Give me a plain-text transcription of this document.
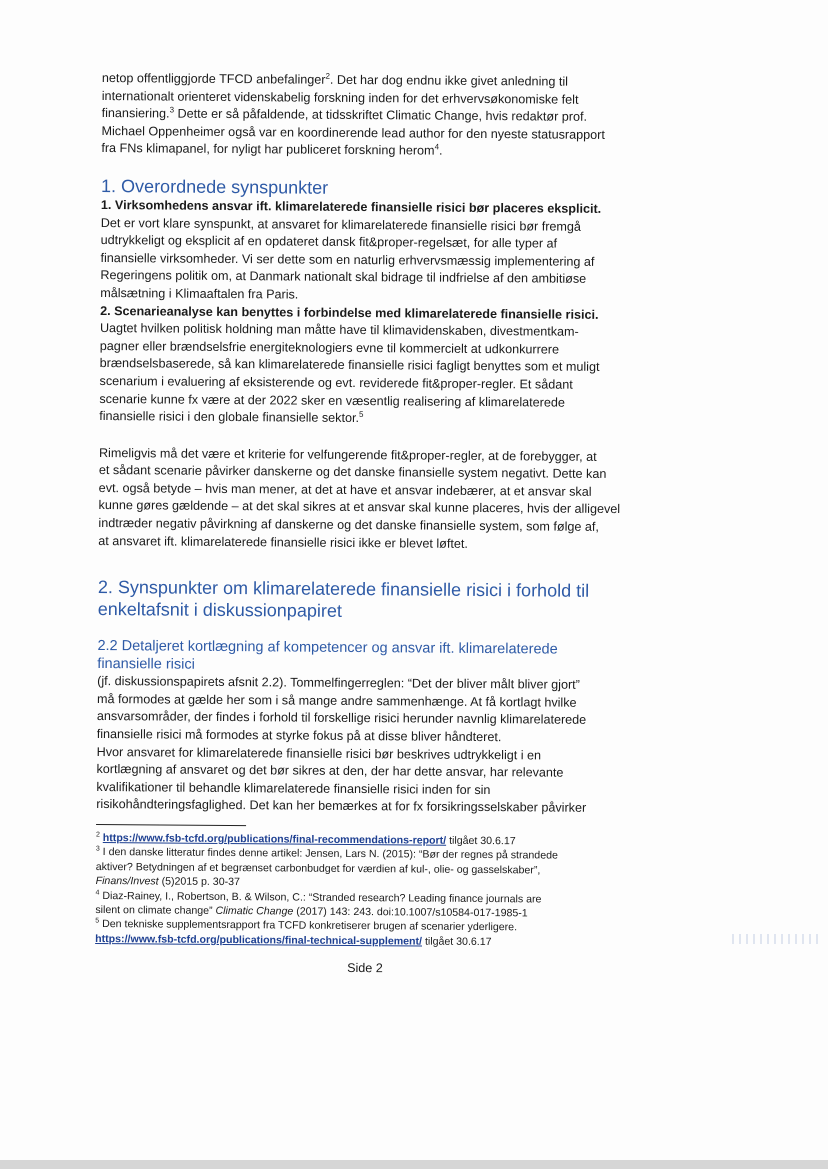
netop offentliggjorde TFCD anbefalinger$^2$. Det har dog endnu ikke givet anledning til

internationalt orienteret videnskabelig forskning inden for det erhvervsøkonomiske felt

finansiering.$^3$ Dette er så påfaldende, at tidsskriftet Climatic Change, hvis redaktør prof.

Michael Oppenheimer også var en koordinerende lead author for den nyeste statusrapport

fra FNs klimapanel, for nyligt har publiceret forskning herom$^4$.

1. Overordnede synspunkter

1. Virksomhedens ansvar ift. klimarelaterede finansielle risici bør placeres eksplicit.

Det er vort klare synspunkt, at ansvaret for klimarelaterede finansielle risici bør fremgå

udtrykkeligt og eksplicit af en opdateret dansk fit&proper-regelsæt, for alle typer af

finansielle virksomheder. Vi ser dette som en naturlig erhvervsmæssig implementering af

Regeringens politik om, at Danmark nationalt skal bidrage til indfrielse af den ambitiøse

målsætning i Klimaaftalen fra Paris.

2. Scenarieanalyse kan benyttes i forbindelse med klimarelaterede finansielle risici.

Uagtet hvilken politisk holdning man måtte have til klimavidenskaben, divestmentkam-

pagner eller brændselsfrie energiteknologiers evne til kommercielt at udkonkurrere

brændselsbaserede, så kan klimarelaterede finansielle risici fagligt benyttes som et muligt

scenarium i evaluering af eksisterende og evt. reviderede fit&proper-regler. Et sådant

scenarie kunne fx være at der 2022 sker en væsentlig realisering af klimarelaterede

finansielle risici i den globale finansielle sektor.$^5$

Rimeligvis må det være et kriterie for velfungerende fit&proper-regler, at de forebygger, at

et sådant scenarie påvirker danskerne og det danske finansielle system negativt. Dette kan

evt. også betyde – hvis man mener, at det at have et ansvar indebærer, at et ansvar skal

kunne gøres gældende – at det skal sikres at et ansvar skal kunne placeres, hvis der alligevel

indtræder negativ påvirkning af danskerne og det danske finansielle system, som følge af,

at ansvaret ift. klimarelaterede finansielle risici ikke er blevet løftet.

2. Synspunkter om klimarelaterede finansielle risici i forhold til
enkeltafsnit i diskussionpapiret
2.2 Detaljeret kortlægning af kompetencer og ansvar ift. klimarelaterede
finansielle risici

(jf. diskussionspapirets afsnit 2.2). Tommelfingerreglen: “Det der bliver målt bliver gjort”

må formodes at gælde her som i så mange andre sammenhænge. At få kortlagt hvilke

ansvarsområder, der findes i forhold til forskellige risici herunder navnlig klimarelaterede

finansielle risici må formodes at styrke fokus på at disse bliver håndteret.

Hvor ansvaret for klimarelaterede finansielle risici bør beskrives udtrykkeligt i en

kortlægning af ansvaret og det bør sikres at den, der har dette ansvar, har relevante

kvalifikationer til behandle klimarelaterede finansielle risici inden for sin

risikohåndteringsfaglighed. Det kan her bemærkes at for fx forsikringsselskaber påvirker

$^2$ https://www.fsb-tcfd.org/publications/final-recommendations-report/ tilgået 30.6.17

$^3$ I den danske litteratur findes denne artikel: Jensen, Lars N. (2015): “Bør der regnes på strandede

aktiver? Betydningen af et begrænset carbonbudget for værdien af kul-, olie- og gasselskaber”,

Finans/Invest (5)2015 p. 30-37

$^4$ Diaz-Rainey, I., Robertson, B. & Wilson, C.: “Stranded research? Leading finance journals are

silent on climate change” Climatic Change (2017) 143: 243. doi:10.1007/s10584-017-1985-1

$^5$ Den tekniske supplementsrapport fra TCFD konkretiserer brugen af scenarier yderligere.

https://www.fsb-tcfd.org/publications/final-technical-supplement/ tilgået 30.6.17

Side 2
